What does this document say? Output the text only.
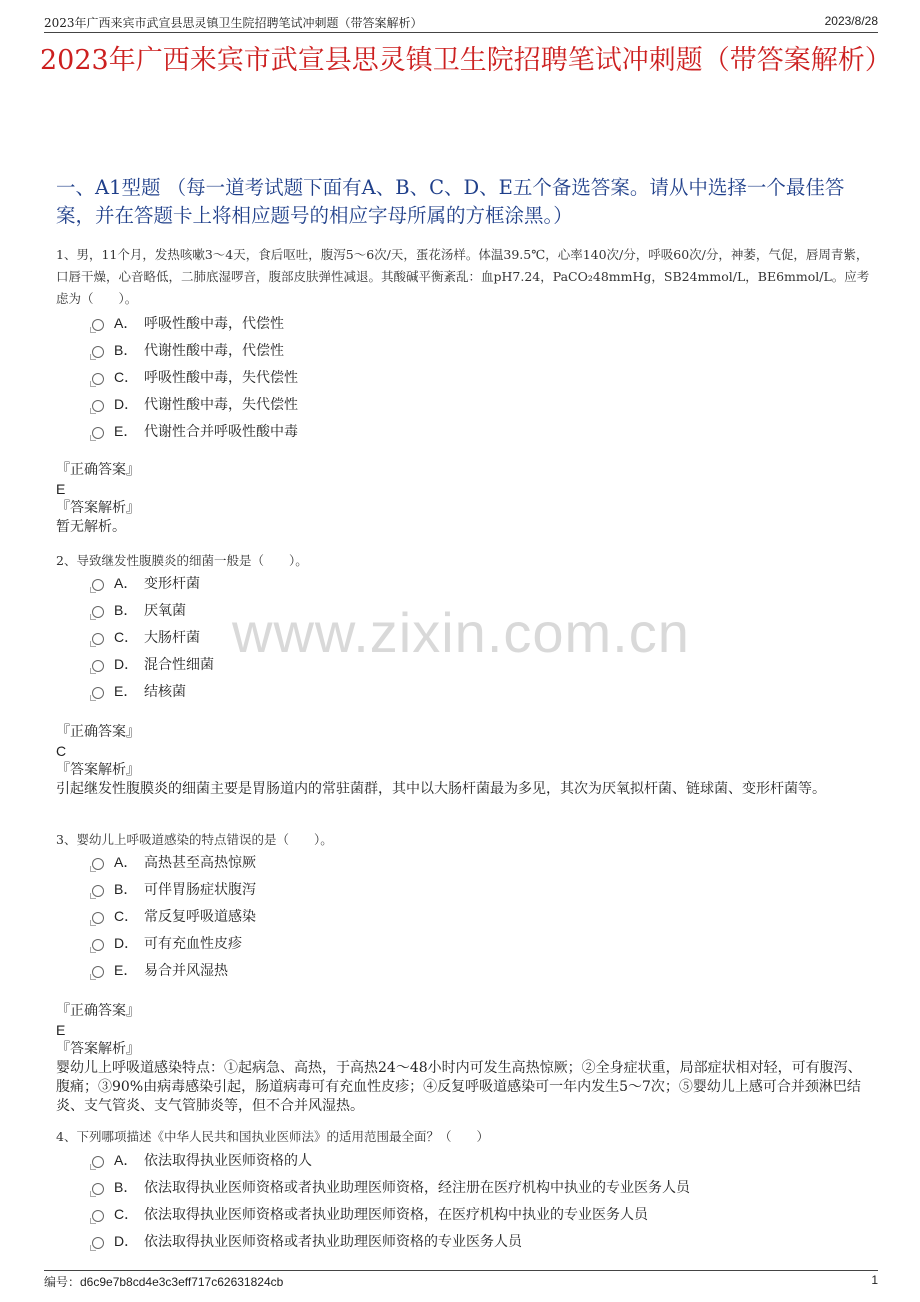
2023年广西来宾市武宣县思灵镇卫生院招聘笔试冲刺题（带答案解析）	2023/8/28
2023年广西来宾市武宣县思灵镇卫生院招聘笔试冲刺题（带答案解析）
一、A1型题 （每一道考试题下面有A、B、C、D、E五个备选答案。请从中选择一个最佳答案，并在答题卡上将相应题号的相应字母所属的方框涂黑。）
www.zixin.com.cn
1、男，11个月，发热咳嗽3～4天，食后呕吐，腹泻5～6次/天，蛋花汤样。体温39.5℃，心率140次/分，呼吸60次/分，神萎，气促，唇周青紫，口唇干燥，心音略低，二肺底湿啰音，腹部皮肤弹性减退。其酸碱平衡紊乱：血pH7.24，PaCO₂48mmHg，SB24mmol/L，BE6mmol/L。应考虑为（　　）。
A． 呼吸性酸中毒，代偿性
B． 代谢性酸中毒，代偿性
C． 呼吸性酸中毒，失代偿性
D． 代谢性酸中毒，失代偿性
E． 代谢性合并呼吸性酸中毒
『正确答案』
E
『答案解析』
暂无解析。
2、导致继发性腹膜炎的细菌一般是（　　）。
A． 变形杆菌
B． 厌氧菌
C． 大肠杆菌
D． 混合性细菌
E． 结核菌
『正确答案』
C
『答案解析』
引起继发性腹膜炎的细菌主要是胃肠道内的常驻菌群，其中以大肠杆菌最为多见，其次为厌氧拟杆菌、链球菌、变形杆菌等。
3、婴幼儿上呼吸道感染的特点错误的是（　　）。
A． 高热甚至高热惊厥
B． 可伴胃肠症状腹泻
C． 常反复呼吸道感染
D． 可有充血性皮疹
E． 易合并风湿热
『正确答案』
E
『答案解析』
婴幼儿上呼吸道感染特点：①起病急、高热，于高热24～48小时内可发生高热惊厥；②全身症状重，局部症状相对轻，可有腹泻、腹痛；③90%由病毒感染引起，肠道病毒可有充血性皮疹；④反复呼吸道感染可一年内发生5～7次；⑤婴幼儿上感可合并颈淋巴结炎、支气管炎、支气管肺炎等，但不合并风湿热。
4、下列哪项描述《中华人民共和国执业医师法》的适用范围最全面？（　　）
A． 依法取得执业医师资格的人
B． 依法取得执业医师资格或者执业助理医师资格，经注册在医疗机构中执业的专业医务人员
C． 依法取得执业医师资格或者执业助理医师资格，在医疗机构中执业的专业医务人员
D． 依法取得执业医师资格或者执业助理医师资格的专业医务人员
编号：d6c9e7b8cd4e3c3eff717c62631824cb	1
